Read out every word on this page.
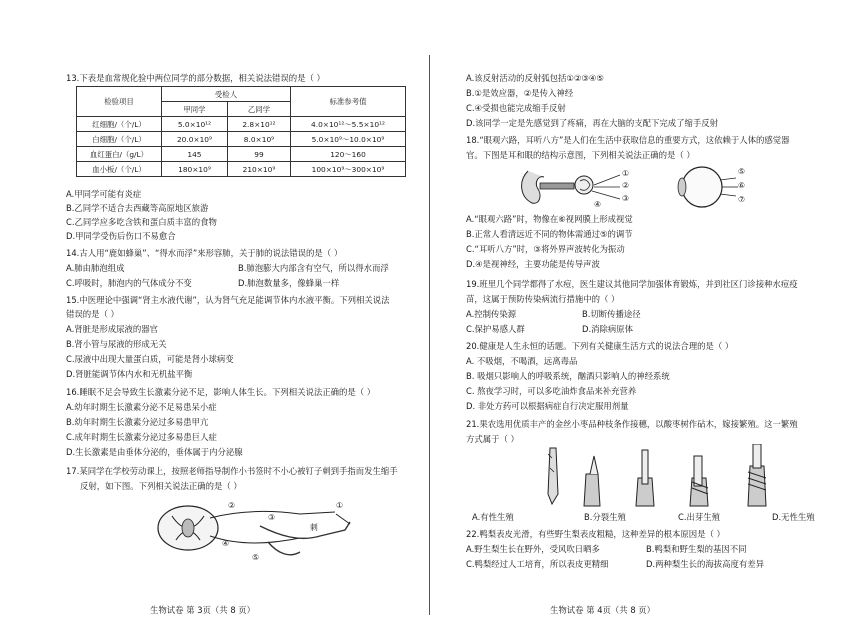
13.下表是血常规化验中两位同学的部分数据，相关说法错误的是（ ）
检验项目	受检人		标准参考值
	甲同学	乙同学	
红细胞/（个/L）	5.0×10¹²	2.8×10¹²	4.0×10¹²～5.5×10¹²
白细胞/（个/L）	20.0×10⁹	8.0×10⁹	5.0×10⁹～10.0×10⁹
血红蛋白/（g/L）	145	99	120～160
血小板/（个/L）	180×10⁹	210×10⁹	100×10⁹～300×10⁹
A.甲同学可能有炎症
B.乙同学不适合去西藏等高原地区旅游
C.乙同学应多吃含铁和蛋白质丰富的食物
D.甲同学受伤后伤口不易愈合
14.古人用“鹿如蜂巢”、“得水而浮”来形容肺，关于肺的说法错误的是（ ）
A.肺由肺泡组成	B.肺泡膨大内部含有空气，所以得水而浮
C.呼吸时，肺泡内的气体成分不变	D.肺泡数量多，像蜂巢一样
15.中医理论中强调“肾主水液代谢”，认为肾气充足能调节体内水液平衡。下列相关说法
错误的是（ ）
A.肾脏是形成尿液的器官
B.肾小管与尿液的形成无关
C.尿液中出现大量蛋白质，可能是肾小球病变
D.肾脏能调节体内水和无机盐平衡
16.睡眠不足会导致生长激素分泌不足，影响人体生长。下列相关说法正确的是（ ）
A.幼年时期生长激素分泌不足易患呆小症
B.幼年时期生长激素分泌过多易患甲亢
C.成年时期生长激素分泌过多易患巨人症
D.生长激素是由垂体分泌的，垂体属于内分泌腺
17.某同学在学校劳动课上，按照老师指导制作小书签时不小心被钉子刺到手指而发生缩手
反射，如下图。下列相关说法正确的是（ ）
②	①
③
④
⑤
刺
生物试卷 第 3页（共 8 页）
A.该反射活动的反射弧包括①②③④⑤
B.①是效应器，②是传入神经
C.④受损也能完成缩手反射
D.该同学一定是先感觉到了疼痛，再在大脑的支配下完成了缩手反射
18.“眼观六路，耳听八方”是人们在生活中获取信息的重要方式，这依赖于人体的感觉器
官。下图是耳和眼的结构示意图，下列相关说法正确的是（ ）
①
②
③
④
⑤
⑥
⑦
A.“眼观六路”时，物像在⑥视网膜上形成视觉
B.正常人看清远近不同的物体需通过⑤的调节
C.“耳听八方”时，③将外界声波转化为振动
D.④是视神经，主要功能是传导声波
19.班里几个同学都得了水痘，医生建议其他同学加强体育锻炼，并到社区门诊接种水痘疫
苗，这属于预防传染病流行措施中的（ ）
A.控制传染源	B.切断传播途径
C.保护易感人群	D.消除病原体
20.健康是人生永恒的话题。下列有关健康生活方式的说法合理的是（ ）
A. 不吸烟，不喝酒，远离毒品
B. 吸烟只影响人的呼吸系统，酗酒只影响人的神经系统
C. 熬夜学习时，可以多吃油炸食品来补充营养
D. 非处方药可以根据病症自行决定服用剂量
21.果农选用优质丰产的金丝小枣品种枝条作接穗，以酸枣树作砧木，嫁接繁殖。这一繁殖
方式属于（ ）
A.有性生殖	B.分裂生殖	C.出芽生殖	D.无性生殖
22.鸭梨表皮光滑，有些野生梨表皮粗糙，这种差异的根本原因是（ ）
A.野生梨生长在野外，受风吹日晒多	B.鸭梨和野生梨的基因不同
C.鸭梨经过人工培育，所以表皮更精细	D.两种梨生长的海拔高度有差异
生物试卷 第 4页（共 8 页）
